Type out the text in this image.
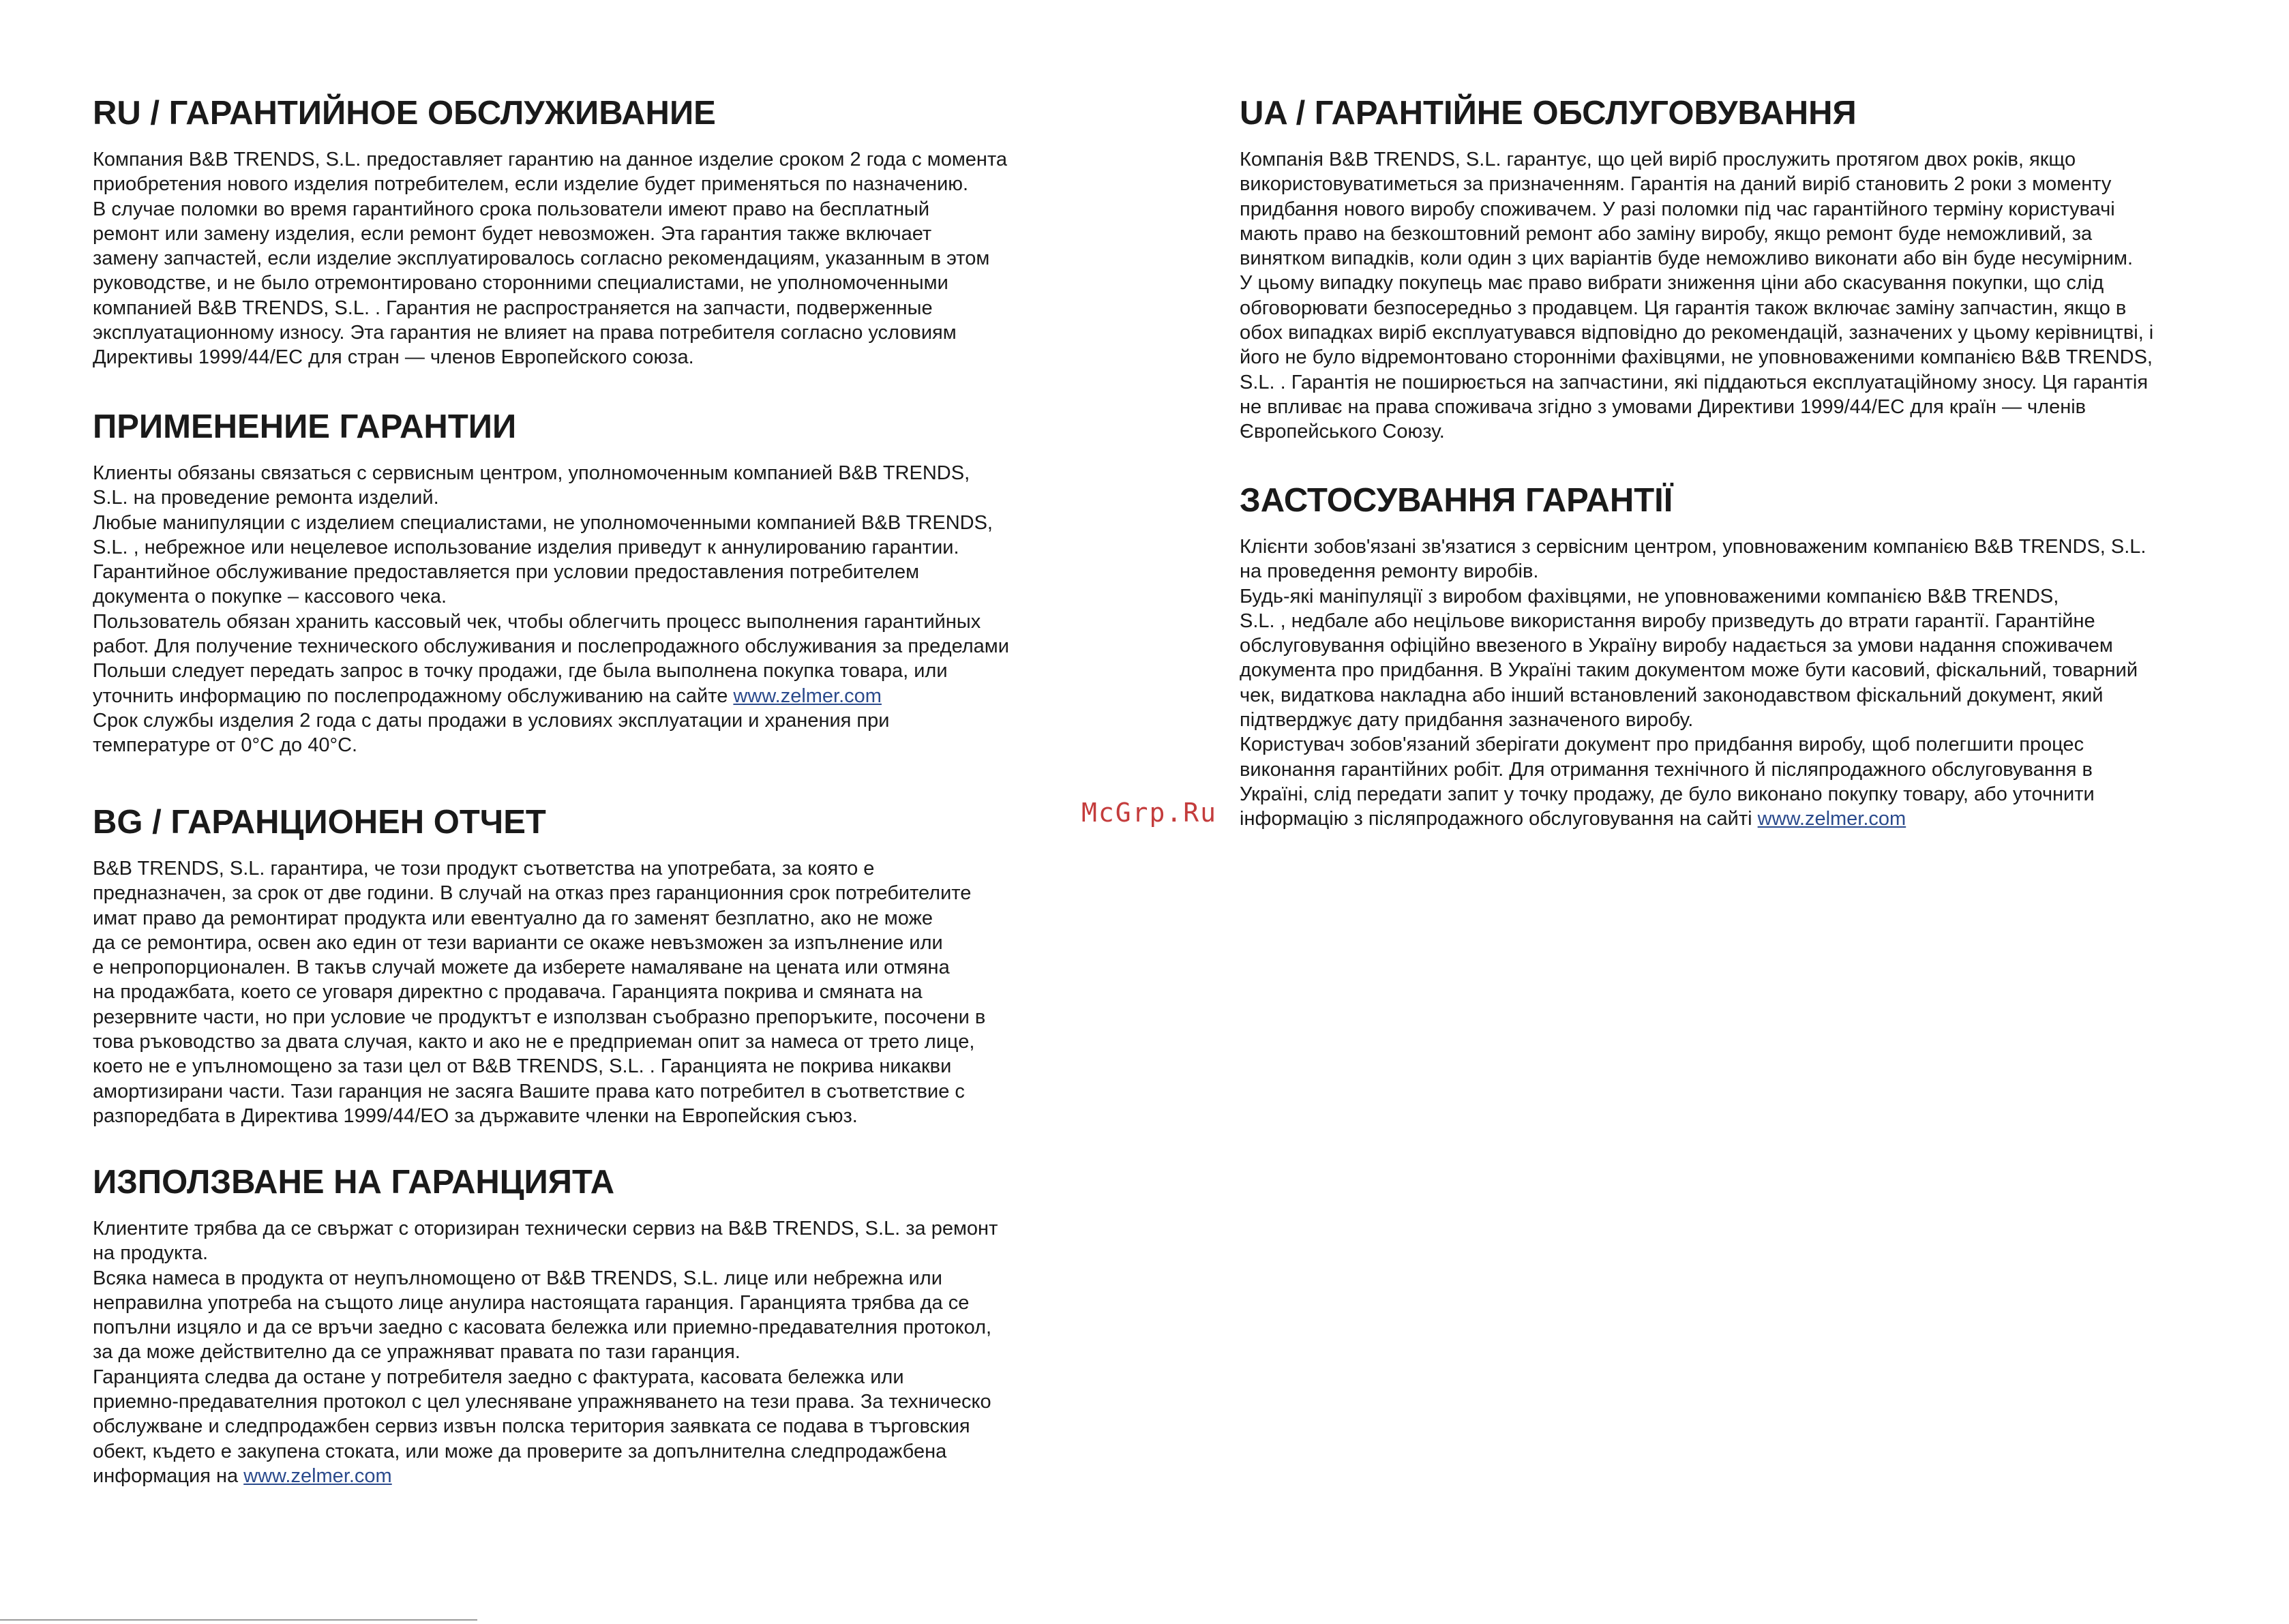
RU / ГАРАНТИЙНОЕ ОБСЛУЖИВАНИЕ
Компания B&B TRENDS, S.L. предоставляет гарантию на данное изделие сроком 2 года с момента
приобретения нового изделия потребителем, если изделие будет применяться по назначению.
В случае поломки во время гарантийного срока пользователи имеют право на бесплатный
ремонт или замену изделия, если ремонт будет невозможен. Эта гарантия также включает
замену запчастей, если изделие эксплуатировалось согласно рекомендациям, указанным в этом
руководстве, и не было отремонтировано сторонними специалистами, не уполномоченными
компанией B&B TRENDS, S.L. . Гарантия не распространяется на запчасти, подверженные
эксплуатационному износу. Эта гарантия не влияет на права потребителя согласно условиям
Директивы 1999/44/EC для стран — членов Европейского союза.
ПРИМЕНЕНИЕ ГАРАНТИИ
Клиенты обязаны связаться с сервисным центром, уполномоченным компанией B&B TRENDS,
S.L. на проведение ремонта изделий.
Любые манипуляции с изделием специалистами, не уполномоченными компанией B&B TRENDS,
S.L. , небрежное или нецелевое использование изделия приведут к аннулированию гарантии.
Гарантийное обслуживание предоставляется при условии предоставления потребителем
документа о покупке – кассового чека.
Пользователь обязан хранить кассовый чек, чтобы облегчить процесс выполнения гарантийных
работ. Для получение технического обслуживания и послепродажного обслуживания за пределами
Польши следует передать запрос в точку продажи, где была выполнена покупка товара, или
уточнить информацию по послепродажному обслуживанию на сайте www.zelmer.com
Срок службы изделия 2 года с даты продажи в условиях эксплуатации и хранения при
температуре от 0°С до 40°С.
BG / ГАРАНЦИОНЕН ОТЧЕТ
B&B TRENDS, S.L. гарантира, че този продукт съответства на употребата, за която е
предназначен, за срок от две години. В случай на отказ през гаранционния срок потребителите
имат право да ремонтират продукта или евентуално да го заменят безплатно, ако не може
да се ремонтира, освен ако един от тези варианти се окаже невъзможен за изпълнение или
е непропорционален. В такъв случай можете да изберете намаляване на цената или отмяна
на продажбата, което се уговаря директно с продавача. Гаранцията покрива и смяната на
резервните части, но при условие че продуктът е използван съобразно препоръките, посочени в
това ръководство за двата случая, както и ако не е предприеман опит за намеса от трето лице,
което не е упълномощено за тази цел от B&B TRENDS, S.L. . Гаранцията не покрива никакви
амортизирани части. Тази гаранция не засяга Вашите права като потребител в съответствие с
разпоредбата в Директива 1999/44/ЕО за държавите членки на Европейския съюз.
ИЗПОЛЗВАНЕ НА ГАРАНЦИЯТА
Клиентите трябва да се свържат с оторизиран технически сервиз на B&B TRENDS, S.L. за ремонт
на продукта.
Всяка намеса в продукта от неупълномощено от B&B TRENDS, S.L. лице или небрежна или
неправилна употреба на същото лице анулира настоящата гаранция. Гаранцията трябва да се
попълни изцяло и да се връчи заедно с касовата бележка или приемно-предавателния протокол,
за да може действително да се упражняват правата по тази гаранция.
Гаранцията следва да остане у потребителя заедно с фактурата, касовата бележка или
приемно-предавателния протокол с цел улесняване упражняването на тези права. За техническо
обслужване и следпродажбен сервиз извън полска територия заявката се подава в търговския
обект, където е закупена стоката, или може да проверите за допълнителна следпродажбена
информация на www.zelmer.com
UA / ГАРАНТІЙНЕ ОБСЛУГОВУВАННЯ
Компанія B&B TRENDS, S.L. гарантує, що цей виріб прослужить протягом двох років, якщо
використовуватиметься за призначенням. Гарантія на даний виріб становить 2 роки з моменту
придбання нового виробу споживачем. У разі поломки під час гарантійного терміну користувачі
мають право на безкоштовний ремонт або заміну виробу, якщо ремонт буде неможливий, за
винятком випадків, коли один з цих варіантів буде неможливо виконати або він буде несумірним.
У цьому випадку покупець має право вибрати зниження ціни або скасування покупки, що слід
обговорювати безпосередньо з продавцем. Ця гарантія також включає заміну запчастин, якщо в
обох випадках виріб експлуатувався відповідно до рекомендацій, зазначених у цьому керівництві, і
його не було відремонтовано сторонніми фахівцями, не уповноваженими компанією B&B TRENDS,
S.L. . Гарантія не поширюється на запчастини, які піддаються експлуатаційному зносу. Ця гарантія
не впливає на права споживача згідно з умовами Директиви 1999/44/EC для країн — членів
Європейського Союзу.
ЗАСТОСУВАННЯ ГАРАНТІЇ
Клієнти зобов'язані зв'язатися з сервісним центром, уповноваженим компанією B&B TRENDS, S.L.
на проведення ремонту виробів.
Будь-які маніпуляції з виробом фахівцями, не уповноваженими компанією B&B TRENDS,
S.L. , недбале або нецільове використання виробу призведуть до втрати гарантії. Гарантійне
обслуговування офіційно ввезеного в Україну виробу надається за умови надання споживачем
документа про придбання. В Україні таким документом може бути касовий, фіскальний, товарний
чек, видаткова накладна або інший встановлений законодавством фіскальний документ, який
підтверджує дату придбання зазначеного виробу.
Користувач зобов'язаний зберігати документ про придбання виробу, щоб полегшити процес
виконання гарантійних робіт. Для отримання технічного й післяпродажного обслуговування в
Україні, слід передати запит у точку продажу, де було виконано покупку товару, або уточнити
інформацію з післяпродажного обслуговування на сайті www.zelmer.com
McGrp.Ru
